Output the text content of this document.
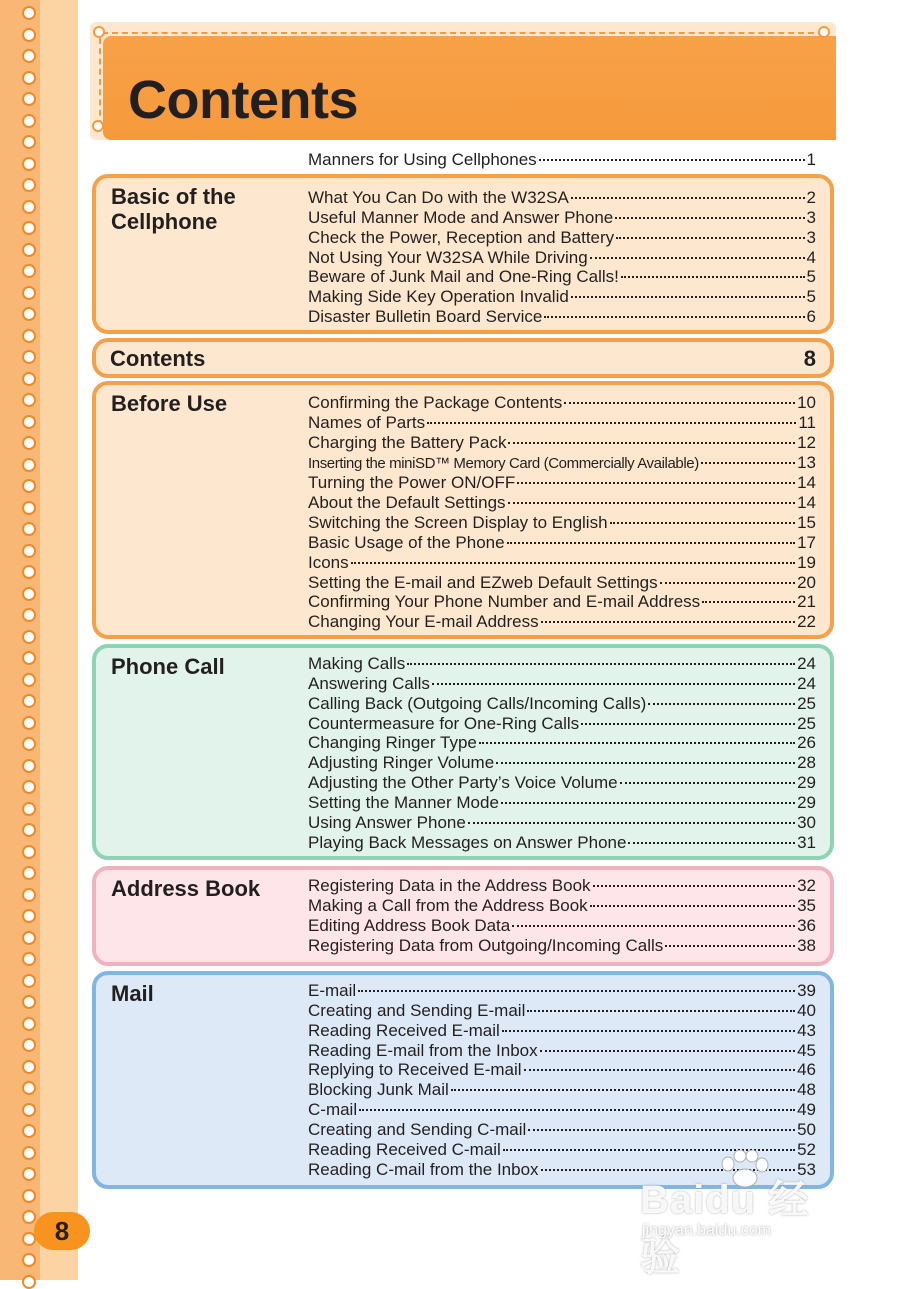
8
Contents
Manners for Using Cellphones	1
Basic of the
Cellphone
What You Can Do with the W32SA	2
Useful Manner Mode and Answer Phone	3
Check the Power, Reception and Battery	3
Not Using Your W32SA While Driving	4
Beware of Junk Mail and One-Ring Calls!	5
Making Side Key Operation Invalid	5
Disaster Bulletin Board Service	6
Contents	8
Before Use	Confirming the Package Contents	10
Names of Parts	11
Charging the Battery Pack	12
Inserting the miniSD™ Memory Card (Commercially Available)	13
Turning the Power ON/OFF	14
About the Default Settings	14
Switching the Screen Display to English	15
Basic Usage of the Phone	17
Icons	19
Setting the E-mail and EZweb Default Settings	20
Confirming Your Phone Number and E-mail Address	21
Changing Your E-mail Address	22
Phone Call	Making Calls	24
Answering Calls	24
Calling Back (Outgoing Calls/Incoming Calls)	25
Countermeasure for One-Ring Calls	25
Changing Ringer Type	26
Adjusting Ringer Volume	28
Adjusting the Other Party’s Voice Volume	29
Setting the Manner Mode	29
Using Answer Phone	30
Playing Back Messages on Answer Phone	31
Address Book	Registering Data in the Address Book	32
Making a Call from the Address Book	35
Editing Address Book Data	36
Registering Data from Outgoing/Incoming Calls	38
Mail	E-mail	39
Creating and Sending E-mail	40
Reading Received E-mail	43
Reading E-mail from the Inbox	45
Replying to Received E-mail	46
Blocking Junk Mail	48
C-mail	49
Creating and Sending C-mail	50
Reading Received C-mail	52
Reading C-mail from the Inbox	53
Baidu 经验
jingyan.baidu.com
